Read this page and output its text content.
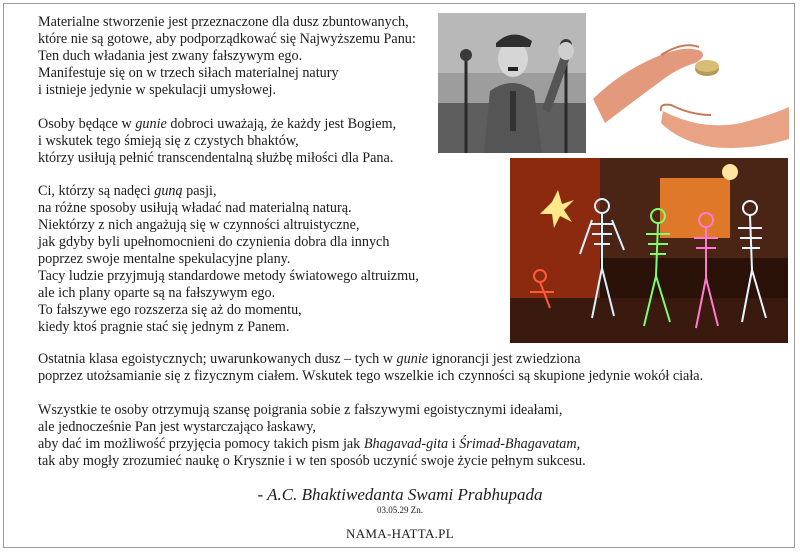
Materialne stworzenie jest przeznaczone dla dusz zbuntowanych,
które nie są gotowe, aby podporządkować się Najwyższemu Panu:
Ten duch władania jest zwany fałszywym ego.
Manifestuje się on w trzech siłach materialnej natury
i istnieje jedynie w spekulacji umysłowej.
Osoby będące w gunie dobroci uważają, że każdy jest Bogiem,
i wskutek tego śmieją się z czystych bhaktów,
którzy usiłują pełnić transcendentalną służbę miłości dla Pana.
Ci, którzy są nadęci guną pasji,
na różne sposoby usiłują władać nad materialną naturą.
Niektórzy z nich angażują się w czynności altruistyczne,
jak gdyby byli upełnomocnieni do czynienia dobra dla innych
poprzez swoje mentalne spekulacyjne plany.
Tacy ludzie przyjmują standardowe metody światowego altruizmu,
ale ich plany oparte są na fałszywym ego.
To fałszywe ego rozszerza się aż do momentu,
kiedy ktoś pragnie stać się jednym z Panem.
Ostatnia klasa egoistycznych; uwarunkowanych dusz – tych w gunie ignorancji jest zwiedziona
poprzez utożsamianie się z fizycznym ciałem. Wskutek tego wszelkie ich czynności są skupione jedynie wokół ciała.
Wszystkie te osoby otrzymują szansę poigrania sobie z fałszywymi egoistycznymi ideałami,
ale jednocześnie Pan jest wystarczająco łaskawy,
aby dać im możliwość przyjęcia pomocy takich pism jak Bhagavad-gita i Śrimad-Bhagavatam,
tak aby mogły zrozumieć naukę o Kryszniе i w ten sposób uczynić swoje życie pełnym sukcesu.
- A.C. Bhaktiwedanta Swami Prabhupada
03.05.29 Zn.
NAMA-HATTA.PL
